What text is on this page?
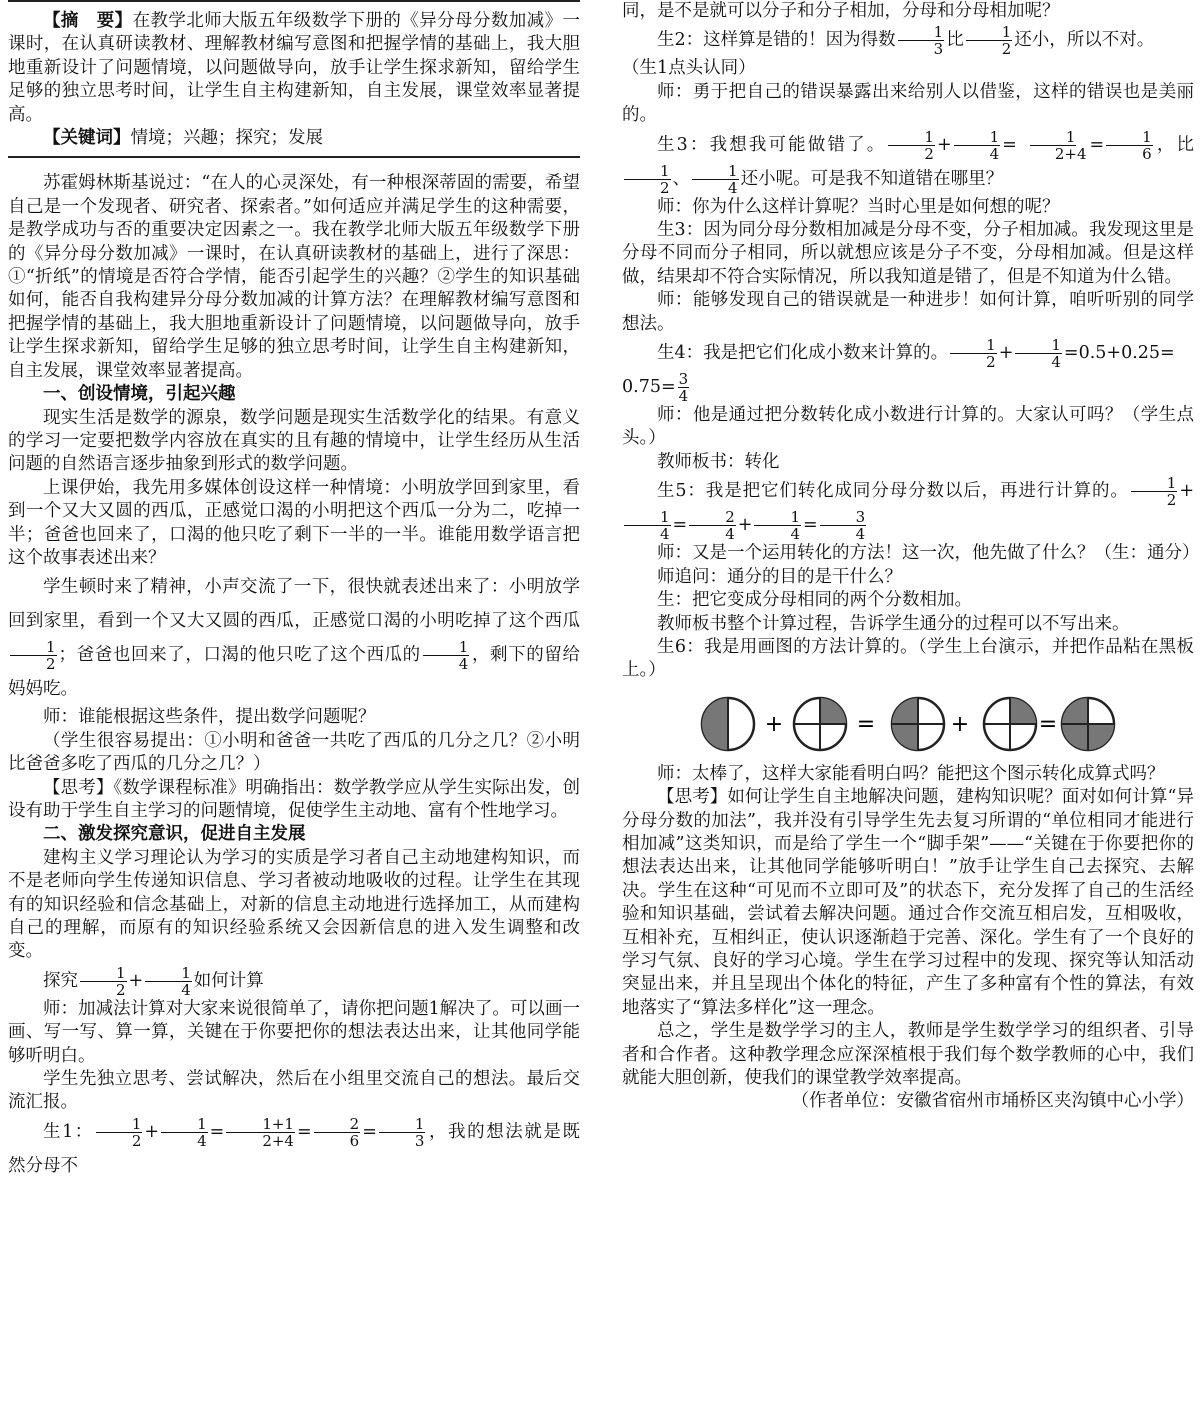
【摘　要】在教学北师大版五年级数学下册的《异分母分数加减》一课时，在认真研读教材、理解教材编写意图和把握学情的基础上，我大胆地重新设计了问题情境，以问题做导向，放手让学生探求新知，留给学生足够的独立思考时间，让学生自主构建新知，自主发展，课堂效率显著提高。

【关键词】情境；兴趣；探究；发展

苏霍姆林斯基说过：“在人的心灵深处，有一种根深蒂固的需要，希望自己是一个发现者、研究者、探索者。”如何适应并满足学生的这种需要，是教学成功与否的重要决定因素之一。我在教学北师大版五年级数学下册的《异分母分数加减》一课时，在认真研读教材的基础上，进行了深思：①“折纸”的情境是否符合学情，能否引起学生的兴趣？②学生的知识基础如何，能否自我构建异分母分数加减的计算方法？在理解教材编写意图和把握学情的基础上，我大胆地重新设计了问题情境，以问题做导向，放手让学生探求新知，留给学生足够的独立思考时间，让学生自主构建新知，自主发展，课堂效率显著提高。

一、创设情境，引起兴趣

现实生活是数学的源泉，数学问题是现实生活数学化的结果。有意义的学习一定要把数学内容放在真实的且有趣的情境中，让学生经历从生活问题的自然语言逐步抽象到形式的数学问题。

上课伊始，我先用多媒体创设这样一种情境：小明放学回到家里，看到一个又大又圆的西瓜，正感觉口渴的小明把这个西瓜一分为二，吃掉一半；爸爸也回来了，口渴的他只吃了剩下一半的一半。谁能用数学语言把这个故事表述出来？

学生顿时来了精神，小声交流了一下，很快就表述出来了：小明放学回到家里，看到一个又大又圆的西瓜，正感觉口渴的小明吃掉了这个西瓜
$\frac{1}{2}$ ；爸爸也回来了，口渴的他只吃了这个西瓜的 $\frac{1}{4}$ ，剩下的留给妈妈吃。

师：谁能根据这些条件，提出数学问题呢？

（学生很容易提出：①小明和爸爸一共吃了西瓜的几分之几？②小明比爸爸多吃了西瓜的几分之几？）

【思考】《数学课程标准》明确指出：数学教学应从学生实际出发，创设有助于学生自主学习的问题情境，促使学生主动地、富有个性地学习。

二、激发探究意识，促进自主发展

建构主义学习理论认为学习的实质是学习者自己主动地建构知识，而不是老师向学生传递知识信息、学习者被动地吸收的过程。让学生在其现有的知识经验和信念基础上，对新的信息主动地进行选择加工，从而建构自己的理解，而原有的知识经验系统又会因新信息的进入发生调整和改变。

探究 $\frac{1}{2} + \frac{1}{4}$ 如何计算

师：加减法计算对大家来说很简单了，请你把问题1解决了。可以画一画、写一写、算一算，关键在于你要把你的想法表达出来，让其他同学能够听明白。

学生先独立思考、尝试解决，然后在小组里交流自己的想法。最后交流汇报。

生1： $\frac{1}{2} + \frac{1}{4} = \frac{1+1}{2+4} = \frac{2}{6} = \frac{1}{3}$ ，我的想法就是既然分母不

同，是不是就可以分子和分子相加，分母和分母相加呢？

生2：这样算是错的！因为得数 $\frac{1}{3}$ 比 $\frac{1}{2}$ 还小，所以不对。

（生1点头认同）

师：勇于把自己的错误暴露出来给别人以借鉴，这样的错误也是美丽的。

生3：我想我可能做错了。 $\frac{1}{2} + \frac{1}{4} = \frac{1}{2+4} = \frac{1}{6}$ ，比
$\frac{1}{2}$ 、 $\frac{1}{4}$ 还小呢。可是我不知道错在哪里？

师：你为什么这样计算呢？当时心里是如何想的呢？

生3：因为同分母分数相加减是分母不变，分子相加减。我发现这里是分母不同而分子相同，所以就想应该是分子不变，分母相加减。但是这样做，结果却不符合实际情况，所以我知道是错了，但是不知道为什么错。

师：能够发现自己的错误就是一种进步！如何计算，咱听听别的同学想法。

生4：我是把它们化成小数来计算的。 $\frac{1}{2} + \frac{1}{4} =0.5+0.25=$

$0.75= \frac{3}{4}$

师：他是通过把分数转化成小数进行计算的。大家认可吗？（学生点头。）

教师板书：转化

生5：我是把它们转化成同分母分数以后，再进行计算的。 $\frac{1}{2}$ +
$\frac{1}{4} = \frac{2}{4} + \frac{1}{4} = \frac{3}{4}$

师：又是一个运用转化的方法！这一次，他先做了什么？（生：通分）

师追问：通分的目的是干什么？

生：把它变成分母相同的两个分数相加。

教师板书整个计算过程，告诉学生通分的过程可以不写出来。

生6：我是用画图的方法计算的。（学生上台演示，并把作品粘在黑板上。）

+	=	+	=

师：太棒了，这样大家能看明白吗？能把这个图示转化成算式吗？

【思考】如何让学生自主地解决问题，建构知识呢？面对如何计算“异分母分数的加法”，我并没有引导学生先去复习所谓的“单位相同才能进行相加减”这类知识，而是给了学生一个“脚手架”——“关键在于你要把你的想法表达出来，让其他同学能够听明白！”放手让学生自己去探究、去解决。学生在这种“可见而不立即可及”的状态下，充分发挥了自己的生活经验和知识基础，尝试着去解决问题。通过合作交流互相启发，互相吸收，互相补充，互相纠正，使认识逐渐趋于完善、深化。学生有了一个良好的学习气氛、良好的学习心境。学生在学习过程中的发现、探究等认知活动突显出来，并且呈现出个体化的特征，产生了多种富有个性的算法，有效地落实了“算法多样化”这一理念。

总之，学生是数学学习的主人，教师是学生数学学习的组织者、引导者和合作者。这种教学理念应深深植根于我们每个数学教师的心中，我们就能大胆创新，使我们的课堂教学效率提高。

（作者单位：安徽省宿州市埇桥区夹沟镇中心小学）
